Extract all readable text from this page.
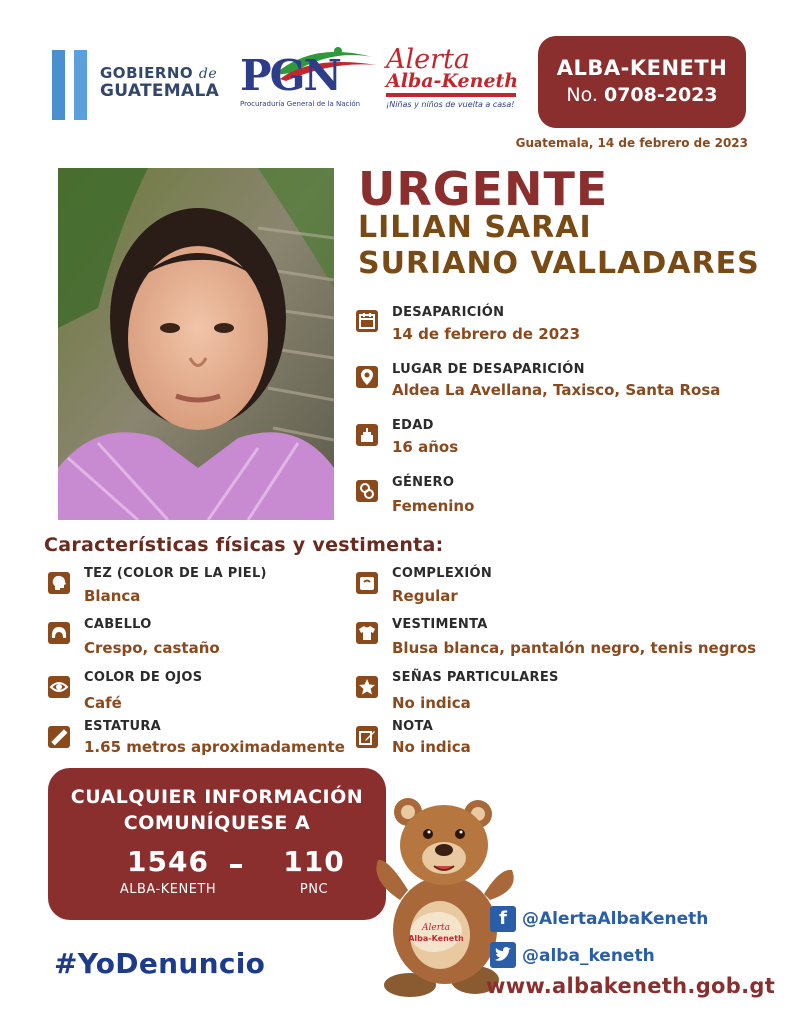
GOBIERNO de
GUATEMALA PGN
Procuraduría General de la Nación
Alerta
Alba-Keneth
¡Niñas y niños de vuelta a casa!
ALBA-KENETH
No. 0708-2023
Guatemala, 14 de febrero de 2023
URGENTE
LILIAN SARAI
SURIANO VALLADARES
DESAPARICIÓN
14 de febrero de 2023
LUGAR DE DESAPARICIÓN
Aldea La Avellana, Taxisco, Santa Rosa
EDAD
16 años
GÉNERO
Femenino
Características físicas y vestimenta:
TEZ (COLOR DE LA PIEL)
Blanca
CABELLO
Crespo, castaño
COLOR DE OJOS
Café
ESTATURA
1.65 metros aproximadamente
COMPLEXIÓN
Regular
VESTIMENTA
Blusa blanca, pantalón negro, tenis negros
SEÑAS PARTICULARES
No indica
NOTA
No indica
CUALQUIER INFORMACIÓN
COMUNÍQUESE A
1546
ALBA-KENETH
110
PNC
#YoDenuncio
Alerta
Alba-Keneth
f @AlertaAlbaKeneth
@alba_keneth
www.albakeneth.gob.gt
